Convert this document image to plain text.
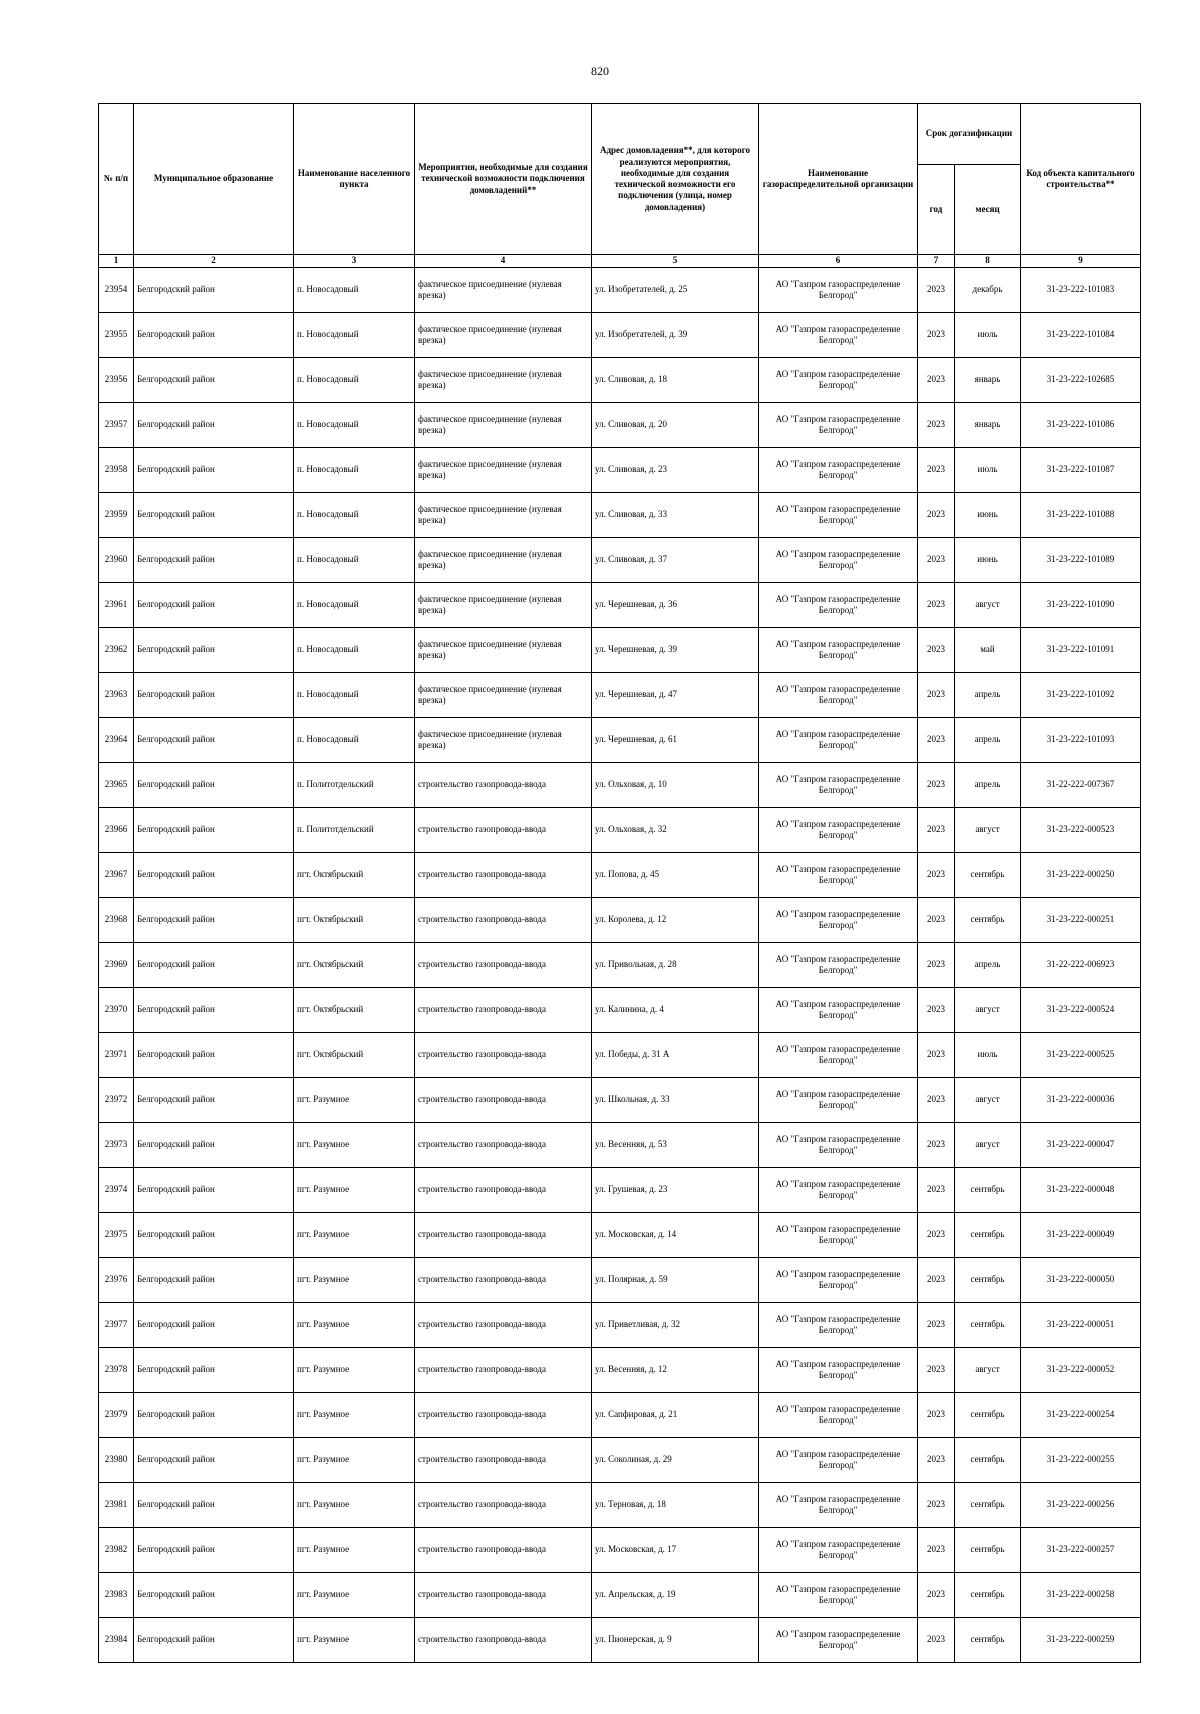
820
№ п/п	Муниципальное образование	Наименование населенного пункта	Мероприятия, необходимые для создания технической возможности подключения домовладений**	Адрес домовладения**, для которого реализуются мероприятия, необходимые для создания технической возможности его подключения (улица, номер домовладения)	Наименование газораспределительной организации	Срок догазификации		Код объекта капитального строительства**
						год	месяц	
1	2	3	4	5	6	7	8	9
23954	Белгородский район	п. Новосадовый	фактическое присоединение (нулевая врезка)	ул. Изобретателей, д. 25	АО "Газпром газораспределение Белгород"	2023	декабрь	31-23-222-101083
23955	Белгородский район	п. Новосадовый	фактическое присоединение (нулевая врезка)	ул. Изобретателей, д. 39	АО "Газпром газораспределение Белгород"	2023	июль	31-23-222-101084
23956	Белгородский район	п. Новосадовый	фактическое присоединение (нулевая врезка)	ул. Сливовая, д. 18	АО "Газпром газораспределение Белгород"	2023	январь	31-23-222-102685
23957	Белгородский район	п. Новосадовый	фактическое присоединение (нулевая врезка)	ул. Сливовая, д. 20	АО "Газпром газораспределение Белгород"	2023	январь	31-23-222-101086
23958	Белгородский район	п. Новосадовый	фактическое присоединение (нулевая врезка)	ул. Сливовая, д. 23	АО "Газпром газораспределение Белгород"	2023	июль	31-23-222-101087
23959	Белгородский район	п. Новосадовый	фактическое присоединение (нулевая врезка)	ул. Сливовая, д. 33	АО "Газпром газораспределение Белгород"	2023	июнь	31-23-222-101088
23960	Белгородский район	п. Новосадовый	фактическое присоединение (нулевая врезка)	ул. Сливовая, д. 37	АО "Газпром газораспределение Белгород"	2023	июнь	31-23-222-101089
23961	Белгородский район	п. Новосадовый	фактическое присоединение (нулевая врезка)	ул. Черешневая, д. 36	АО "Газпром газораспределение Белгород"	2023	август	31-23-222-101090
23962	Белгородский район	п. Новосадовый	фактическое присоединение (нулевая врезка)	ул. Черешневая, д. 39	АО "Газпром газораспределение Белгород"	2023	май	31-23-222-101091
23963	Белгородский район	п. Новосадовый	фактическое присоединение (нулевая врезка)	ул. Черешневая, д. 47	АО "Газпром газораспределение Белгород"	2023	апрель	31-23-222-101092
23964	Белгородский район	п. Новосадовый	фактическое присоединение (нулевая врезка)	ул. Черешневая, д. 61	АО "Газпром газораспределение Белгород"	2023	апрель	31-23-222-101093
23965	Белгородский район	п. Политотдельский	строительство газопровода-ввода	ул. Ольховая, д. 10	АО "Газпром газораспределение Белгород"	2023	апрель	31-22-222-007367
23966	Белгородский район	п. Политотдельский	строительство газопровода-ввода	ул. Ольховая, д. 32	АО "Газпром газораспределение Белгород"	2023	август	31-23-222-000523
23967	Белгородский район	пгт. Октябрьский	строительство газопровода-ввода	ул. Попова, д. 45	АО "Газпром газораспределение Белгород"	2023	сентябрь	31-23-222-000250
23968	Белгородский район	пгт. Октябрьский	строительство газопровода-ввода	ул. Королева, д. 12	АО "Газпром газораспределение Белгород"	2023	сентябрь	31-23-222-000251
23969	Белгородский район	пгт. Октябрьский	строительство газопровода-ввода	ул. Привольная, д. 28	АО "Газпром газораспределение Белгород"	2023	апрель	31-22-222-006923
23970	Белгородский район	пгт. Октябрьский	строительство газопровода-ввода	ул. Калинина, д. 4	АО "Газпром газораспределение Белгород"	2023	август	31-23-222-000524
23971	Белгородский район	пгт. Октябрьский	строительство газопровода-ввода	ул. Победы, д. 31 А	АО "Газпром газораспределение Белгород"	2023	июль	31-23-222-000525
23972	Белгородский район	пгт. Разумное	строительство газопровода-ввода	ул. Школьная, д. 33	АО "Газпром газораспределение Белгород"	2023	август	31-23-222-000036
23973	Белгородский район	пгт. Разумное	строительство газопровода-ввода	ул. Весенняя, д. 53	АО "Газпром газораспределение Белгород"	2023	август	31-23-222-000047
23974	Белгородский район	пгт. Разумное	строительство газопровода-ввода	ул. Грушевая, д. 23	АО "Газпром газораспределение Белгород"	2023	сентябрь	31-23-222-000048
23975	Белгородский район	пгт. Разумное	строительство газопровода-ввода	ул. Московская, д. 14	АО "Газпром газораспределение Белгород"	2023	сентябрь	31-23-222-000049
23976	Белгородский район	пгт. Разумное	строительство газопровода-ввода	ул. Полярная, д. 59	АО "Газпром газораспределение Белгород"	2023	сентябрь	31-23-222-000050
23977	Белгородский район	пгт. Разумное	строительство газопровода-ввода	ул. Приветливая, д. 32	АО "Газпром газораспределение Белгород"	2023	сентябрь	31-23-222-000051
23978	Белгородский район	пгт. Разумное	строительство газопровода-ввода	ул. Весенняя, д. 12	АО "Газпром газораспределение Белгород"	2023	август	31-23-222-000052
23979	Белгородский район	пгт. Разумное	строительство газопровода-ввода	ул. Сапфировая, д. 21	АО "Газпром газораспределение Белгород"	2023	сентябрь	31-23-222-000254
23980	Белгородский район	пгт. Разумное	строительство газопровода-ввода	ул. Соколиная, д. 29	АО "Газпром газораспределение Белгород"	2023	сентябрь	31-23-222-000255
23981	Белгородский район	пгт. Разумное	строительство газопровода-ввода	ул. Терновая, д. 18	АО "Газпром газораспределение Белгород"	2023	сентябрь	31-23-222-000256
23982	Белгородский район	пгт. Разумное	строительство газопровода-ввода	ул. Московская, д. 17	АО "Газпром газораспределение Белгород"	2023	сентябрь	31-23-222-000257
23983	Белгородский район	пгт. Разумное	строительство газопровода-ввода	ул. Апрельская, д. 19	АО "Газпром газораспределение Белгород"	2023	сентябрь	31-23-222-000258
23984	Белгородский район	пгт. Разумное	строительство газопровода-ввода	ул. Пионерская, д. 9	АО "Газпром газораспределение Белгород"	2023	сентябрь	31-23-222-000259
